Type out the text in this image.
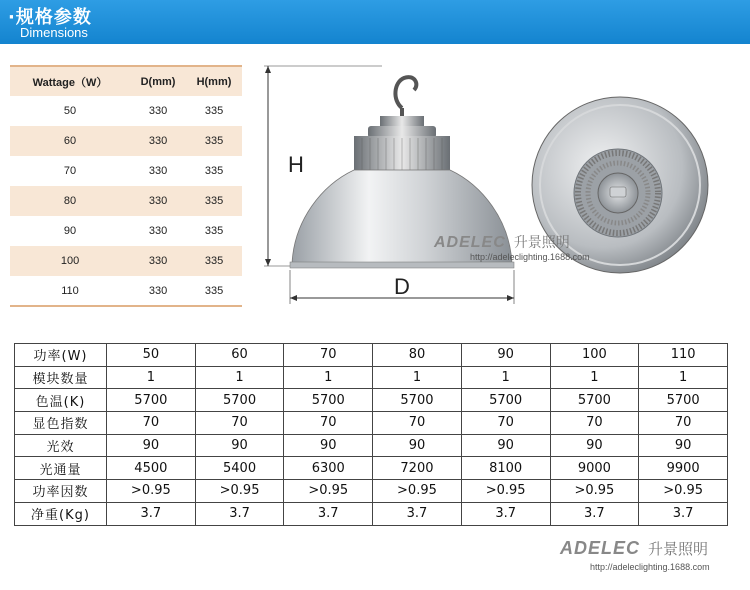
·规格参数
Dimensions
Wattage（W）	D(mm)	H(mm)
50	330	335
60	330	335
70	330	335
80	330	335
90	330	335
100	330	335
110	330	335
H
D
ADELEC 升景照明
http://adeleclighting.1688.com
功率(W)	50	60	70	80	90	100	110
模块数量	1	1	1	1	1	1	1
色温(K)	5700	5700	5700	5700	5700	5700	5700
显色指数	70	70	70	70	70	70	70
光效	90	90	90	90	90	90	90
光通量	4500	5400	6300	7200	8100	9000	9900
功率因数	>0.95	>0.95	>0.95	>0.95	>0.95	>0.95	>0.95
净重(Kg)	3.7	3.7	3.7	3.7	3.7	3.7	3.7
ADELEC 升景照明
http://adeleclighting.1688.com
